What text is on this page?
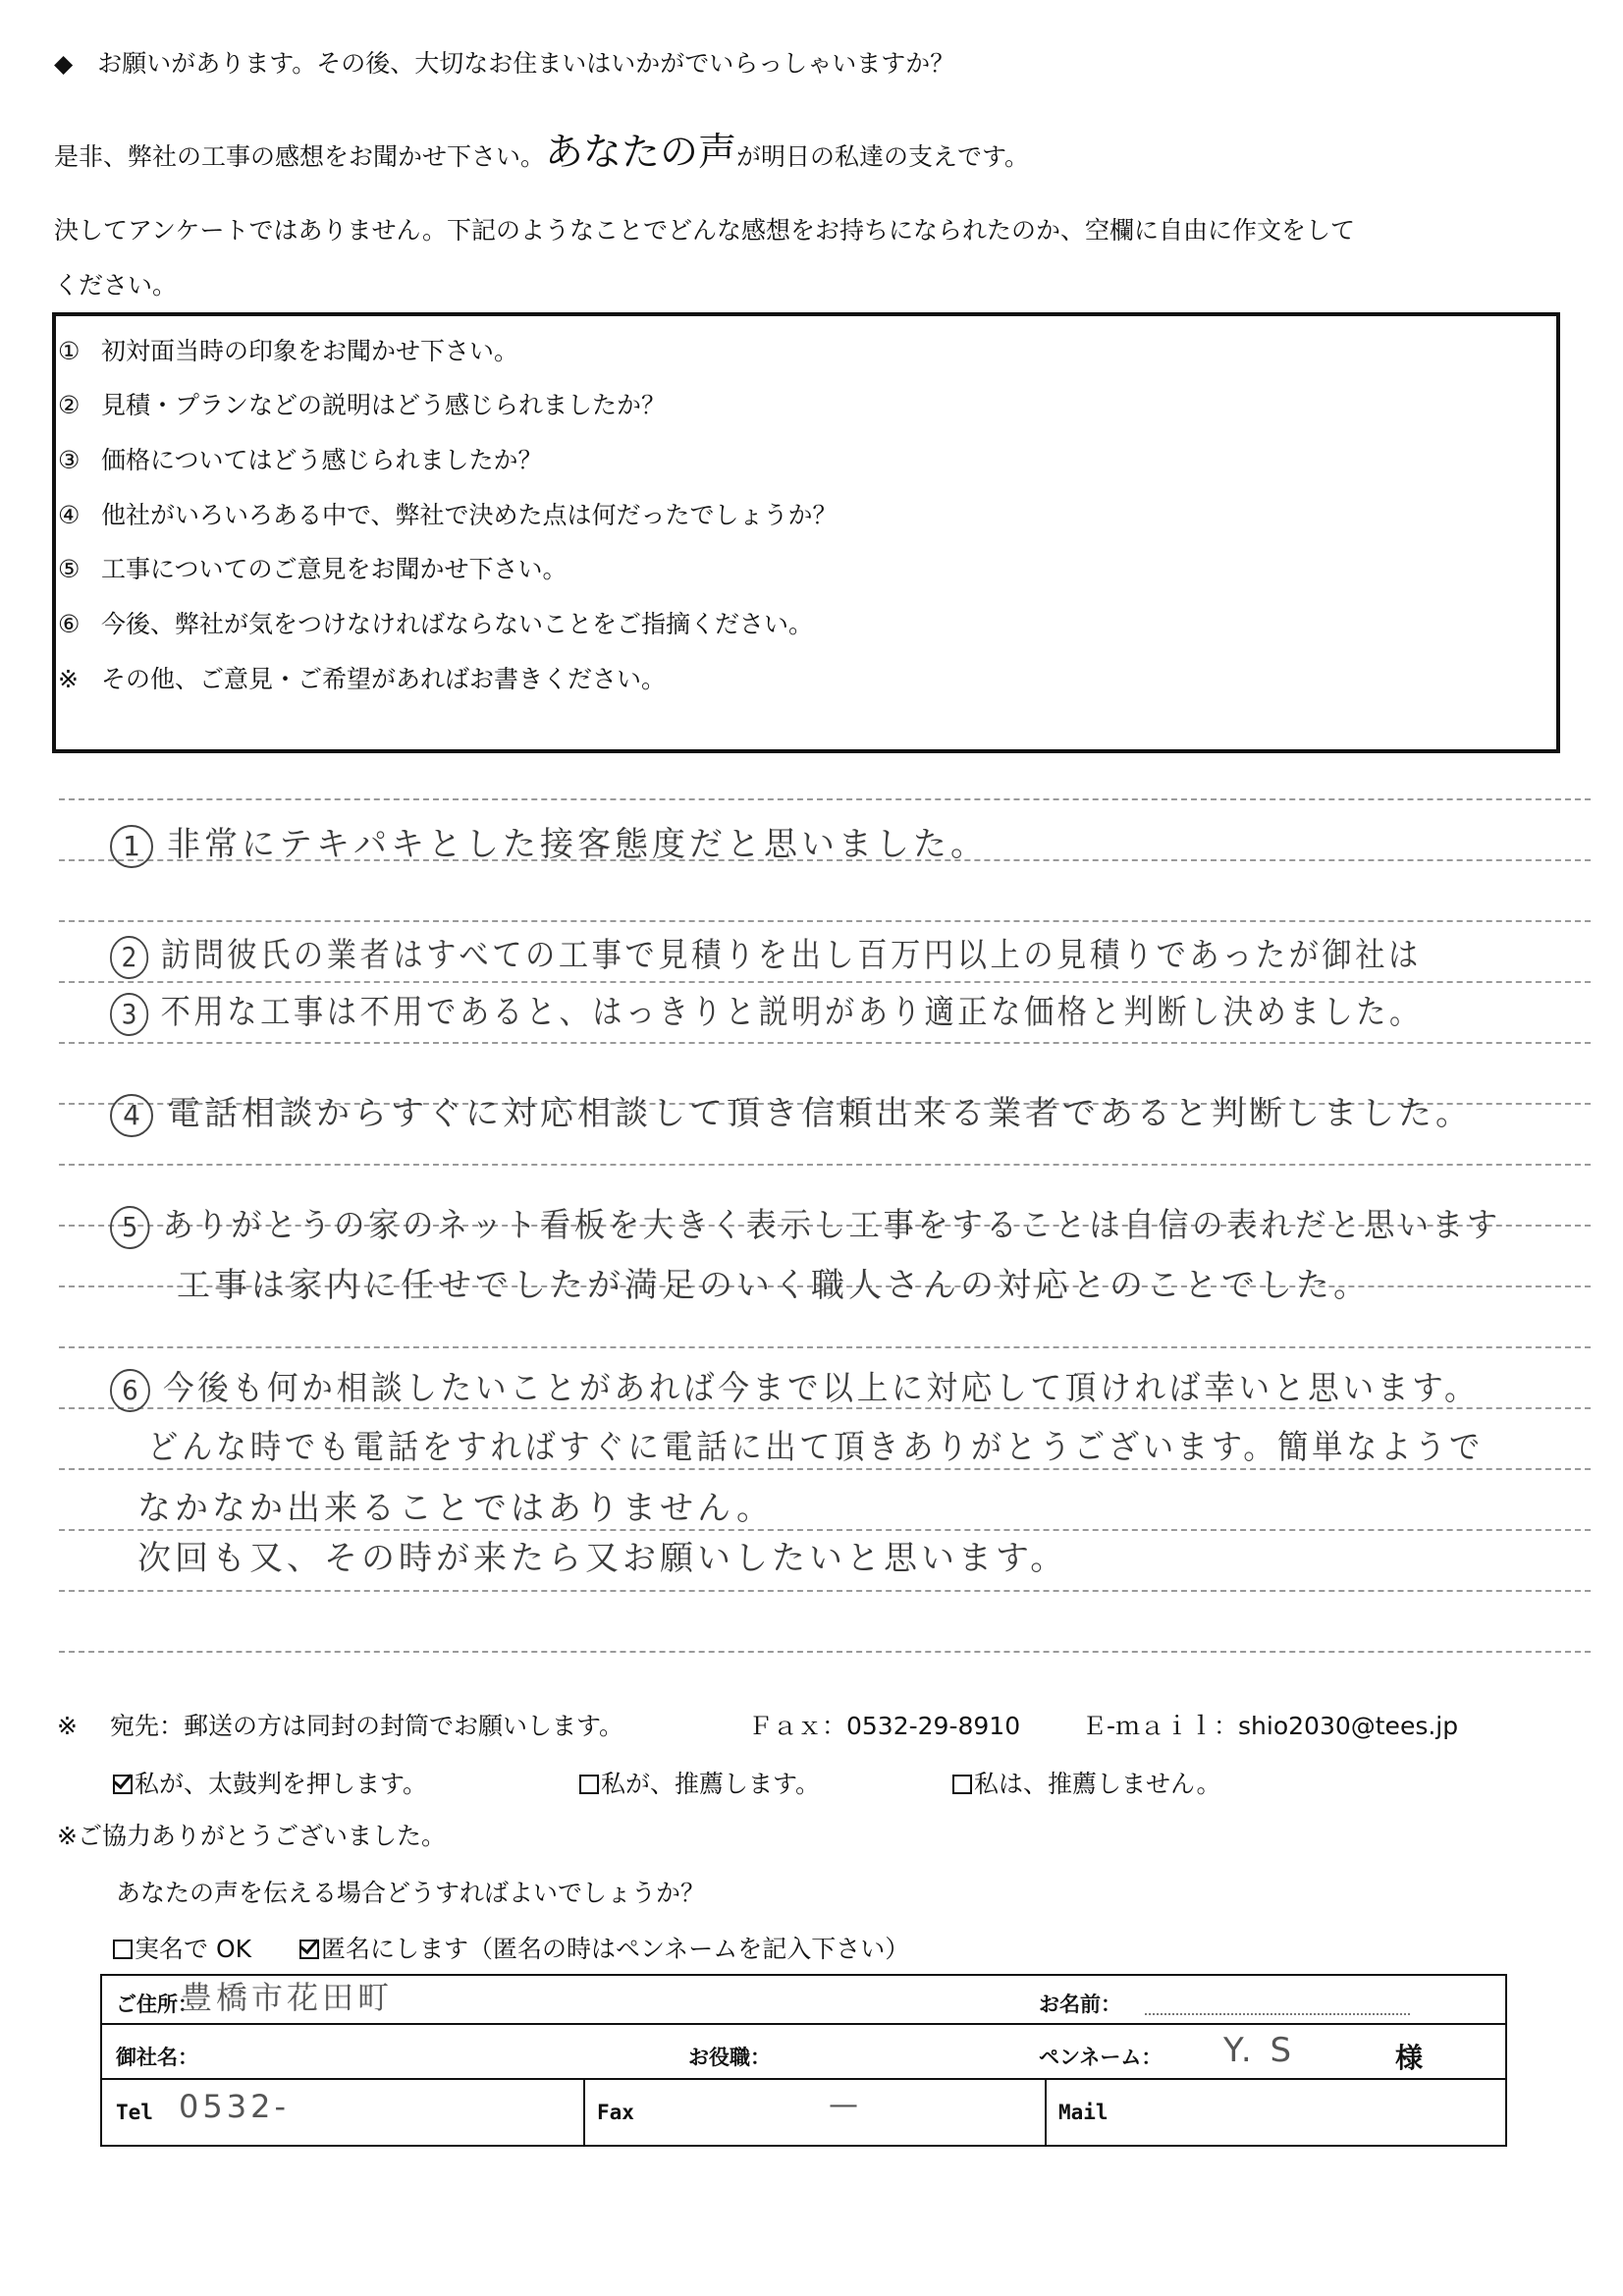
◆　お願いがあります。その後、大切なお住まいはいかがでいらっしゃいますか？
是非、弊社の工事の感想をお聞かせ下さい。あなたの声が明日の私達の支えです。
決してアンケートではありません。下記のようなことでどんな感想をお持ちになられたのか、空欄に自由に作文をして
ください。
① 初対面当時の印象をお聞かせ下さい。
② 見積・プランなどの説明はどう感じられましたか？
③ 価格についてはどう感じられましたか？
④ 他社がいろいろある中で、弊社で決めた点は何だったでしょうか？
⑤ 工事についてのご意見をお聞かせ下さい。
⑥ 今後、弊社が気をつけなければならないことをご指摘ください。
※ その他、ご意見・ご希望があればお書きください。
1 非常にテキパキとした接客態度だと思いました。
2 訪問彼氏の業者はすべての工事で見積りを出し百万円以上の見積りであったが御社は
3 不用な工事は不用であると、はっきりと説明があり適正な価格と判断し決めました。
4 電話相談からすぐに対応相談して頂き信頼出来る業者であると判断しました。
5 ありがとうの家のネット看板を大きく表示し工事をすることは自信の表れだと思います
工事は家内に任せでしたが満足のいく職人さんの対応とのことでした。
6 今後も何か相談したいことがあれば今まで以上に対応して頂ければ幸いと思います。
どんな時でも電話をすればすぐに電話に出て頂きありがとうございます。簡単なようで
なかなか出来ることではありません。
次回も又、その時が来たら又お願いしたいと思います。
※ 宛先：郵送の方は同封の封筒でお願いします。	Ｆａｘ：0532-29-8910	Ｅ-ｍａｉｌ：shio2030@tees.jp
私が、太鼓判を押します。	私が、推薦します。	私は、推薦しません。
※ご協力ありがとうございました。
あなたの声を伝える場合どうすればよいでしょうか？
実名で OK	匿名にします（匿名の時はペンネームを記入下さい）
ご住所：
豊橋市花田町	お名前：
御社名：	お役職：	ペンネーム： Y. S	様
Tel 0532-	Fax	—	Mail
